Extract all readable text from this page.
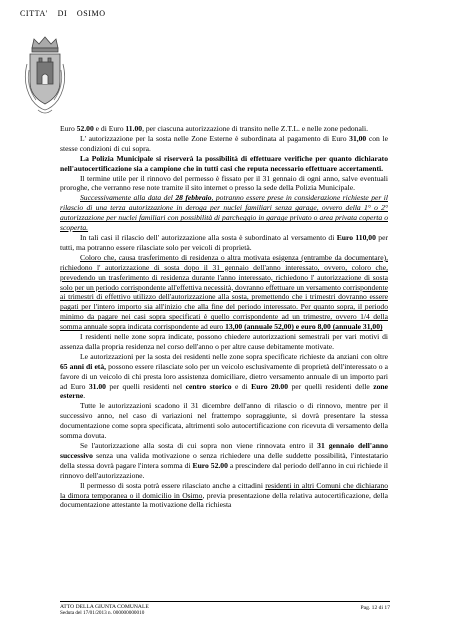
CITTA' DI OSIMO

Euro 52.00 e di Euro 11.00, per ciascuna autorizzazione di transito nelle Z.T.L. e nelle zone pedonali.

L' autorizzazione per la sosta nelle Zone Esterne è subordinata al pagamento di Euro 31,00 con le stesse condizioni di cui sopra.

La Polizia Municipale si riserverà la possibilità di effettuare verifiche per quanto dichiarato nell'autocertificazione sia a campione che in tutti casi che reputa necessario effettuare accertamenti.

Il termine utile per il rinnovo del permesso è fissato per il 31 gennaio di ogni anno, salve eventuali proroghe, che verranno rese note tramite il sito internet o presso la sede della Polizia Municipale.

Successivamente alla data del 28 febbraio, potranno essere prese in considerazione richieste per il rilascio di una terza autorizzazione in deroga per nuclei familiari senza garage, ovvero della 1° o 2° autorizzazione per nuclei familiari con possibilità di parcheggio in garage privato o area privata coperta o scoperta.

In tali casi il rilascio dell' autorizzazione alla sosta è subordinato al versamento di Euro 110,00 per tutti, ma potranno essere rilasciate solo per veicoli di proprietà.

Coloro che, causa trasferimento di residenza o altra motivata esigenza (entrambe da documentare), richiedono l' autorizzazione di sosta dopo il 31 gennaio dell'anno interessato, ovvero, coloro che, prevedendo un trasferimento di residenza durante l'anno interessato, richiedono l' autorizzazione di sosta solo per un periodo corrispondente all'effettiva necessità, dovranno effettuare un versamento corrispondente ai trimestri di effettivo utilizzo dell'autorizzazione alla sosta, premettendo che i trimestri dovranno essere pagati per l'intero importo sia all'inizio che alla fine del periodo interessato. Per quanto sopra, il periodo minimo da pagare nei casi sopra specificati è quello corrispondente ad un trimestre, ovvero 1/4 della somma annuale sopra indicata corrispondente ad euro 13,00 (annuale 52,00) e euro 8,00 (annuale 31,00)

I residenti nelle zone sopra indicate, possono chiedere autorizzazioni semestrali per vari motivi di assenza dalla propria residenza nel corso dell'anno o per altre cause debitamente motivate.

Le autorizzazioni per la sosta dei residenti nelle zone sopra specificate richieste da anziani con oltre 65 anni di età, possono essere rilasciate solo per un veicolo esclusivamente di proprietà dell'interessato o a favore di un veicolo di chi presta loro assistenza domiciliare, dietro versamento annuale di un importo pari ad Euro 31.00 per quelli residenti nel centro storico e di Euro 20.00 per quelli residenti delle zone esterne.

Tutte le autorizzazioni scadono il 31 dicembre dell'anno di rilascio o di rinnovo, mentre per il successivo anno, nel caso di variazioni nel frattempo sopraggiunte, si dovrà presentare la stessa documentazione come sopra specificata, altrimenti solo autocertificazione con ricevuta di versamento della somma dovuta.

Se l'autorizzazione alla sosta di cui sopra non viene rinnovata entro il 31 gennaio dell'anno successivo senza una valida motivazione o senza richiedere una delle suddette possibilità, l'intestatario della stessa dovrà pagare l'intera somma di Euro 52.00 a prescindere dal periodo dell'anno in cui richiede il rinnovo dell'autorizzazione.

Il permesso di sosta potrà essere rilasciato anche a cittadini residenti in altri Comuni che dichiarano la dimora temporanea o il domicilio in Osimo, previa presentazione della relativa autocertificazione, della documentazione attestante la motivazione della richiesta

ATTO DELLA GIUNTA COMUNALE
Seduta del 17/01/2013 n. 000000000010
Pag. 12 di 17
